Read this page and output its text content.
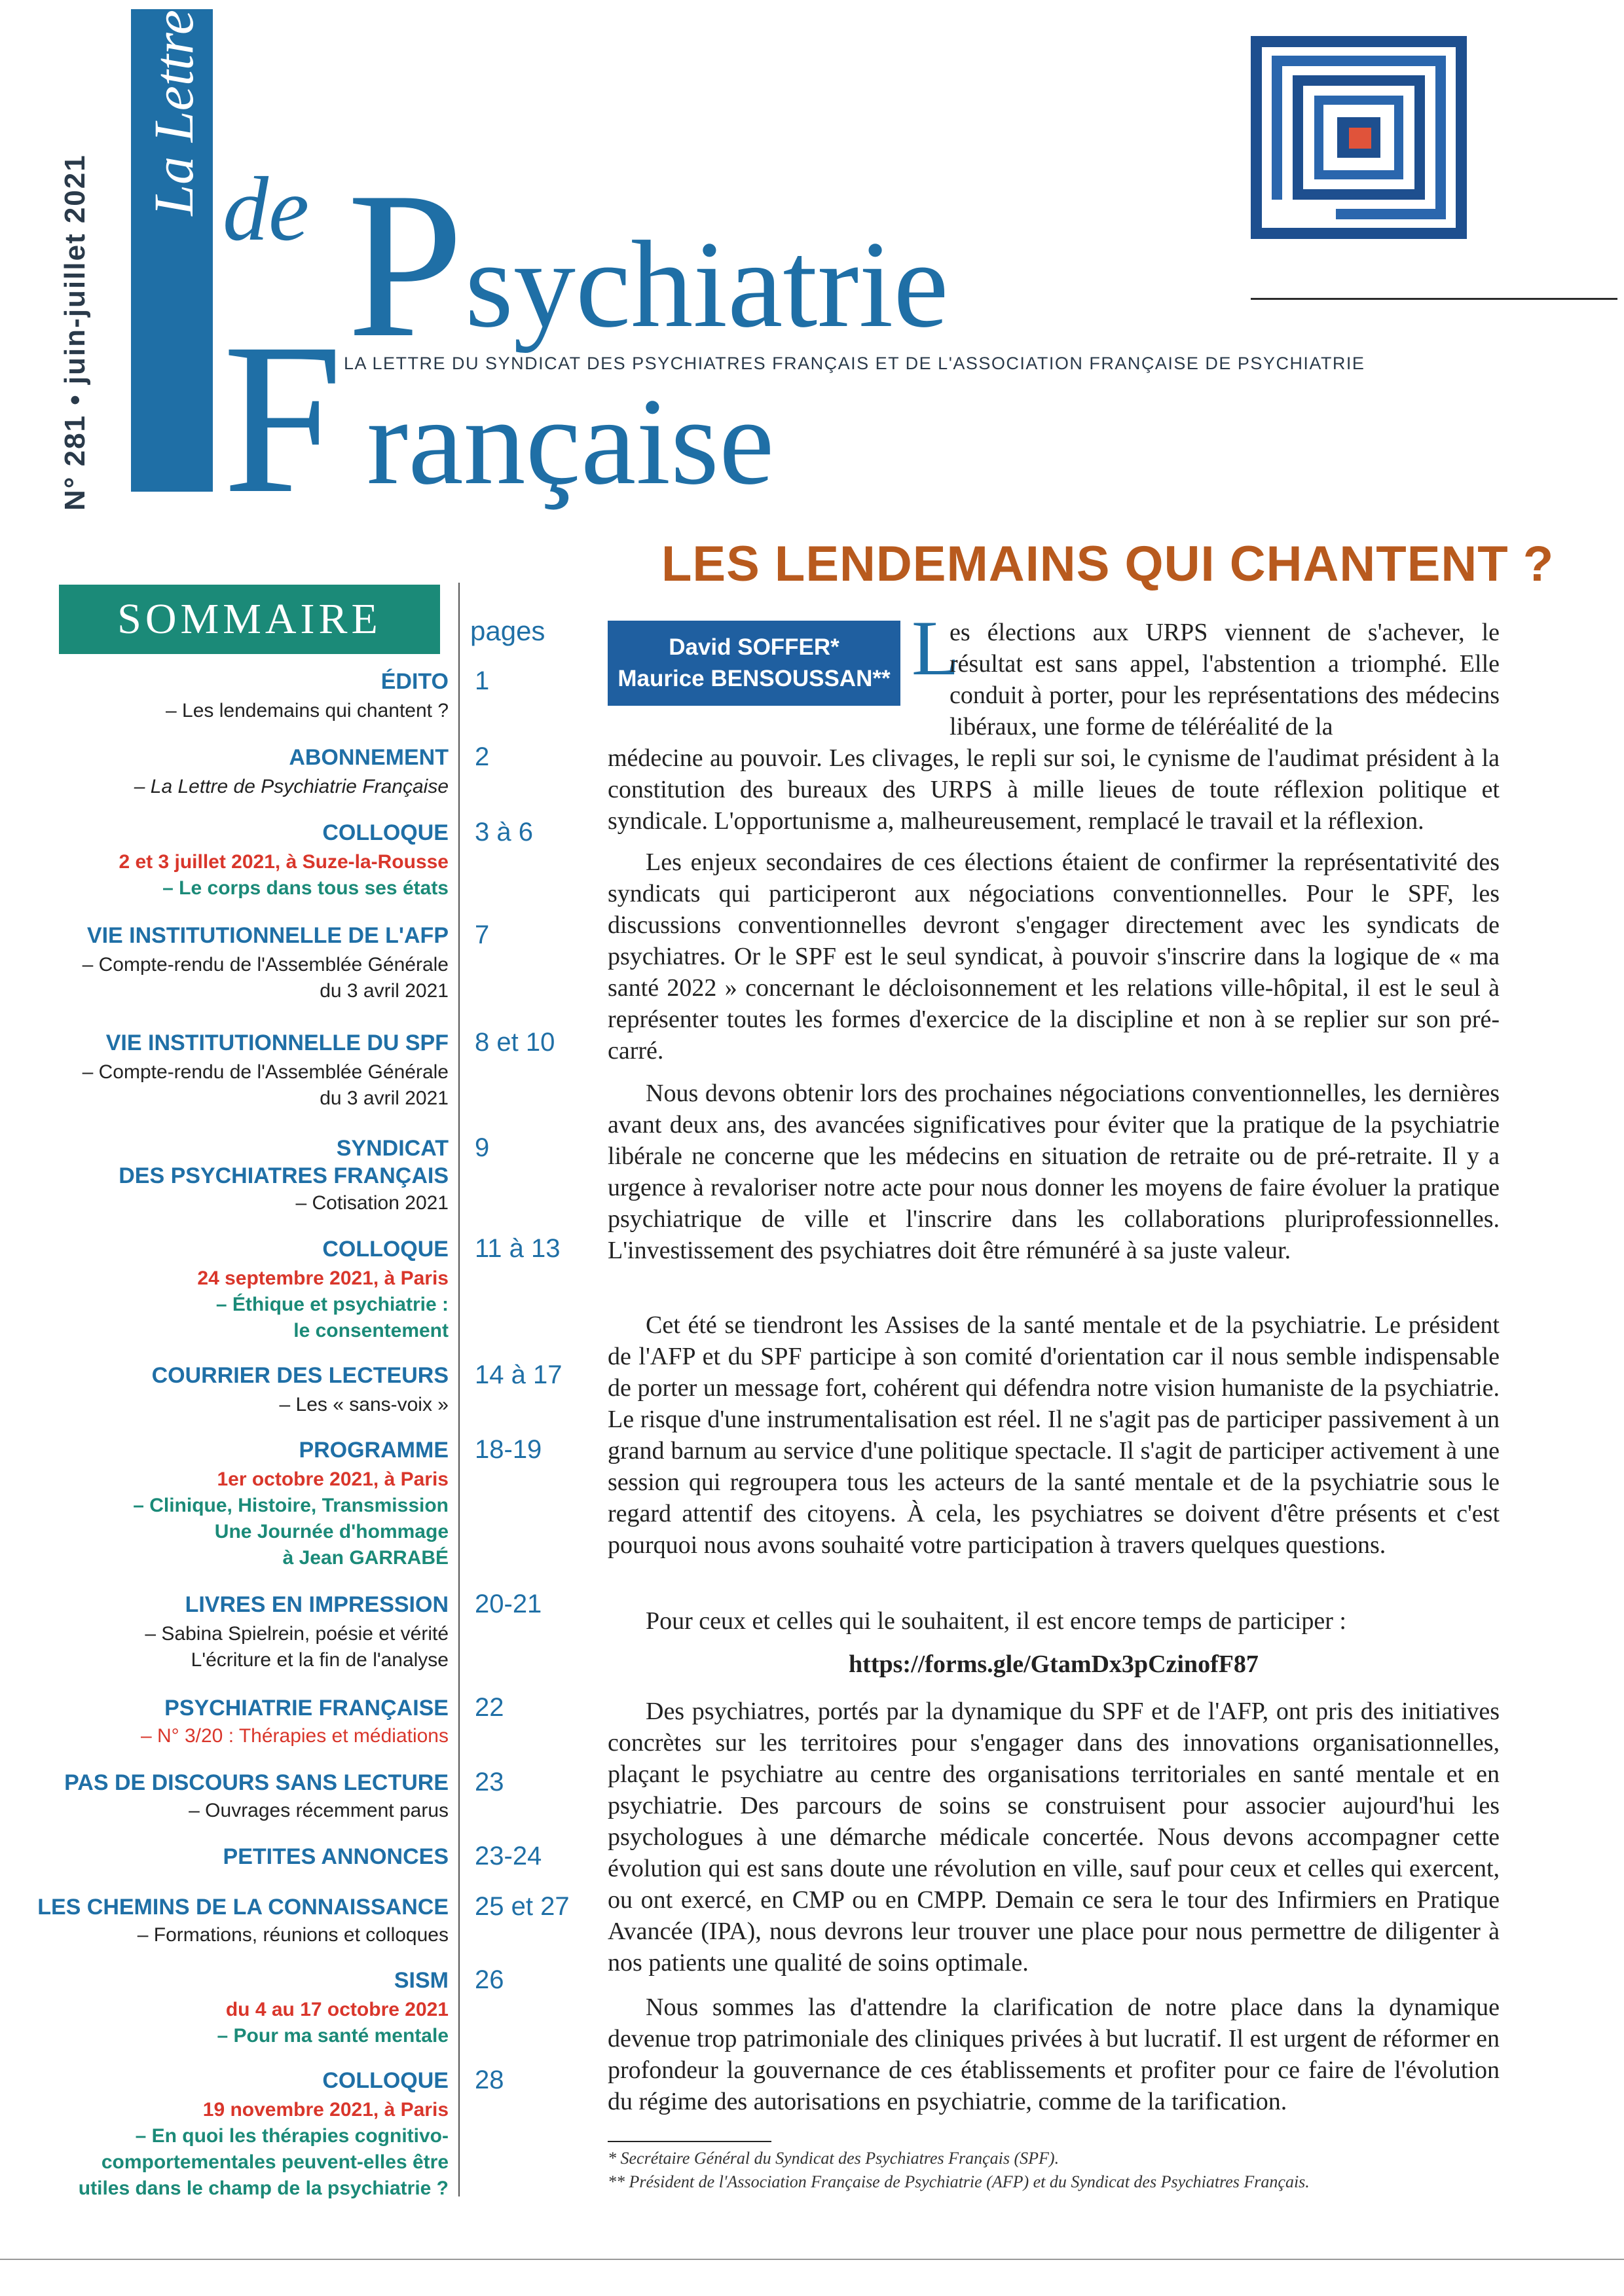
N° 281 • juin-juillet 2021
La Lettre de P sychiatrie
F rançaise
LA LETTRE DU SYNDICAT DES PSYCHIATRES FRANÇAIS ET DE L'ASSOCIATION FRANÇAISE DE PSYCHIATRIE
SOMMAIRE	pages
ÉDITO
– Les lendemains qui chantent ?
1
ABONNEMENT
– La Lettre de Psychiatrie Française
2
COLLOQUE
2 et 3 juillet 2021, à Suze-la-Rousse
– Le corps dans tous ses états
3 à 6
VIE INSTITUTIONNELLE DE L'AFP
– Compte-rendu de l'Assemblée Générale
du 3 avril 2021
7
VIE INSTITUTIONNELLE DU SPF
– Compte-rendu de l'Assemblée Générale
du 3 avril 2021
8 et 10
SYNDICAT
DES PSYCHIATRES FRANÇAIS
– Cotisation 2021
9
COLLOQUE
24 septembre 2021, à Paris
– Éthique et psychiatrie :
le consentement
11 à 13
COURRIER DES LECTEURS
– Les « sans-voix »
14 à 17
PROGRAMME
1er octobre 2021, à Paris
– Clinique, Histoire, Transmission
Une Journée d'hommage
à Jean GARRABÉ
18-19
LIVRES EN IMPRESSION
– Sabina Spielrein, poésie et vérité
L'écriture et la fin de l'analyse
20-21
PSYCHIATRIE FRANÇAISE
– N° 3/20 : Thérapies et médiations
22
PAS DE DISCOURS SANS LECTURE
– Ouvrages récemment parus
23
PETITES ANNONCES 23-24
LES CHEMINS DE LA CONNAISSANCE
– Formations, réunions et colloques
25 et 27
SISM
du 4 au 17 octobre 2021
– Pour ma santé mentale
26
COLLOQUE
19 novembre 2021, à Paris
– En quoi les thérapies cognitivo-
comportementales peuvent-elles être
utiles dans le champ de la psychiatrie ?
28
LES LENDEMAINS QUI CHANTENT ?
David SOFFER*
Maurice BENSOUSSAN** L
es élections aux URPS viennent de s'achever, le résultat est sans appel, l'abstention a triomphé. Elle conduit à porter, pour les représentations des médecins libéraux, une forme de téléréalité de la
médecine au pouvoir. Les clivages, le repli sur soi, le cynisme de l'audimat président à la constitution des bureaux des URPS à mille lieues de toute réflexion politique et syndicale. L'opportunisme a, malheureusement, remplacé le travail et la réflexion.
Les enjeux secondaires de ces élections étaient de confirmer la représentativité des syndicats qui participeront aux négociations conventionnelles. Pour le SPF, les discussions conventionnelles devront s'engager directement avec les syndicats de psychiatres. Or le SPF est le seul syndicat, à pouvoir s'inscrire dans la logique de « ma santé 2022 » concernant le décloisonnement et les relations ville-hôpital, il est le seul à représenter toutes les formes d'exercice de la discipline et non à se replier sur son pré-carré.
Nous devons obtenir lors des prochaines négociations conventionnelles, les dernières avant deux ans, des avancées significatives pour éviter que la pratique de la psychiatrie libérale ne concerne que les médecins en situation de retraite ou de pré-retraite. Il y a urgence à revaloriser notre acte pour nous donner les moyens de faire évoluer la pratique psychiatrique de ville et l'inscrire dans les collaborations pluriprofessionnelles. L'investissement des psychiatres doit être rémunéré à sa juste valeur.
Cet été se tiendront les Assises de la santé mentale et de la psychiatrie. Le président de l'AFP et du SPF participe à son comité d'orientation car il nous semble indispensable de porter un message fort, cohérent qui défendra notre vision humaniste de la psychiatrie. Le risque d'une instrumentalisation est réel. Il ne s'agit pas de participer passivement à un grand barnum au service d'une politique spectacle. Il s'agit de participer activement à une session qui regroupera tous les acteurs de la santé mentale et de la psychiatrie sous le regard attentif des citoyens. À cela, les psychiatres se doivent d'être présents et c'est pourquoi nous avons souhaité votre participation à travers quelques questions.
Pour ceux et celles qui le souhaitent, il est encore temps de participer :
https://forms.gle/GtamDx3pCzinofF87
Des psychiatres, portés par la dynamique du SPF et de l'AFP, ont pris des initiatives concrètes sur les territoires pour s'engager dans des innovations organisationnelles, plaçant le psychiatre au centre des organisations territoriales en santé mentale et en psychiatrie. Des parcours de soins se construisent pour associer aujourd'hui les psychologues à une démarche médicale concertée. Nous devons accompagner cette évolution qui est sans doute une révolution en ville, sauf pour ceux et celles qui exercent, ou ont exercé, en CMP ou en CMPP. Demain ce sera le tour des Infirmiers en Pratique Avancée (IPA), nous devrons leur trouver une place pour nous permettre de diligenter à nos patients une qualité de soins optimale.
Nous sommes las d'attendre la clarification de notre place dans la dynamique devenue trop patrimoniale des cliniques privées à but lucratif. Il est urgent de réformer en profondeur la gouvernance de ces établissements et profiter pour ce faire de l'évolution du régime des autorisations en psychiatrie, comme de la tarification.
* Secrétaire Général du Syndicat des Psychiatres Français (SPF).
** Président de l'Association Française de Psychiatrie (AFP) et du Syndicat des Psychiatres Français.
